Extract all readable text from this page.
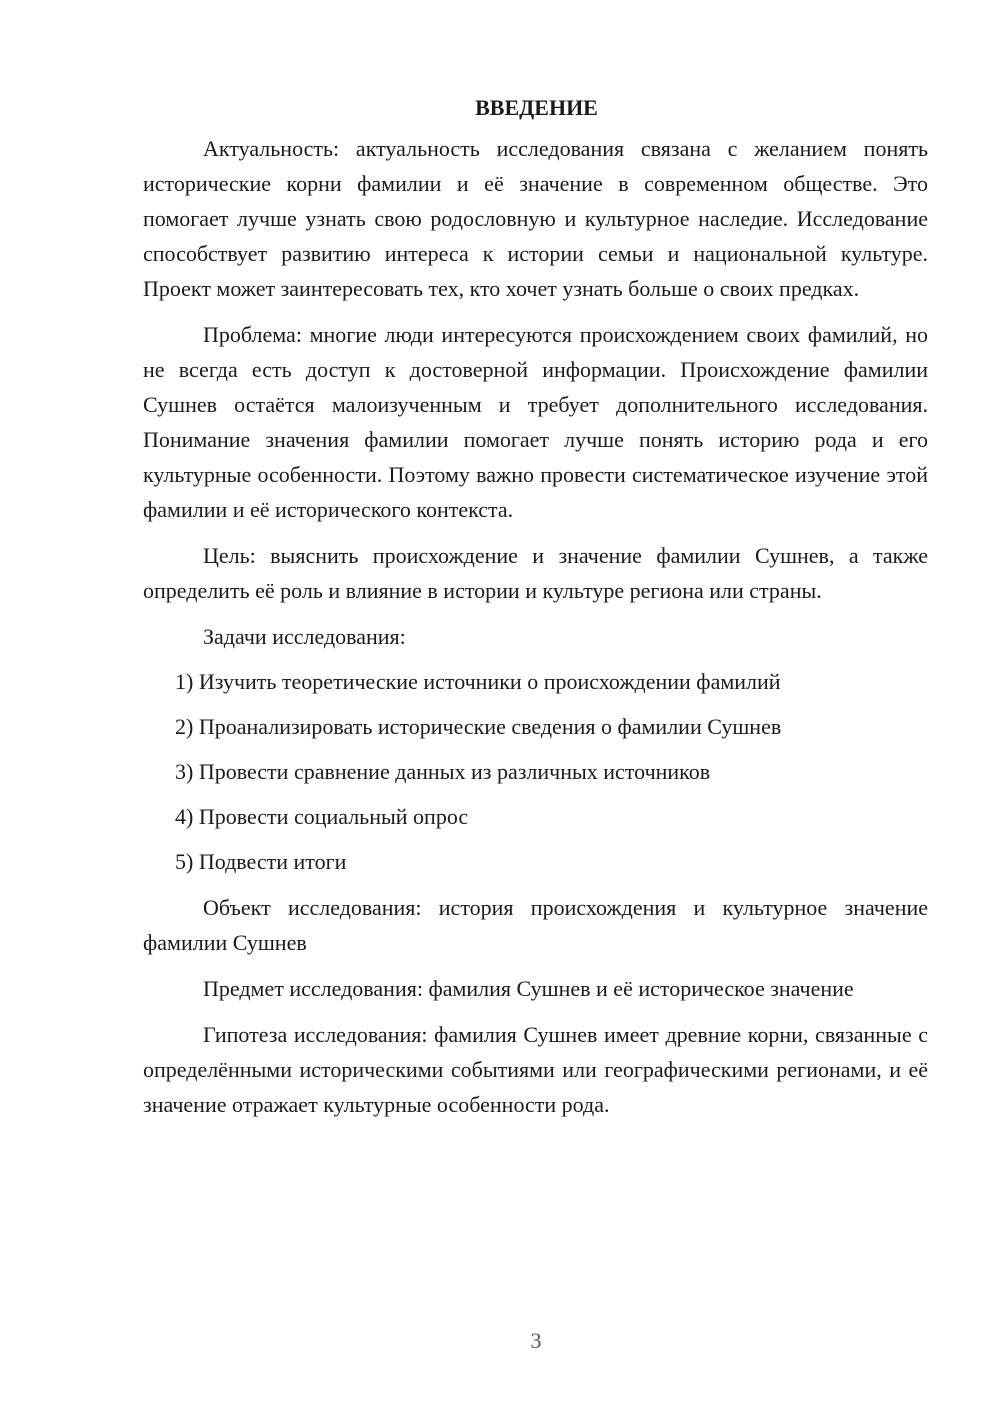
ВВЕДЕНИЕ

Актуальность: актуальность исследования связана с желанием понять исторические корни фамилии и её значение в современном обществе. Это помогает лучше узнать свою родословную и культурное наследие. Исследование способствует развитию интереса к истории семьи и национальной культуре. Проект может заинтересовать тех, кто хочет узнать больше о своих предках.

Проблема: многие люди интересуются происхождением своих фамилий, но не всегда есть доступ к достоверной информации. Происхождение фамилии Сушнев остаётся малоизученным и требует дополнительного исследования. Понимание значения фамилии помогает лучше понять историю рода и его культурные особенности. Поэтому важно провести систематическое изучение этой фамилии и её исторического контекста.

Цель: выяснить происхождение и значение фамилии Сушнев, а также определить её роль и влияние в истории и культуре региона или страны.

Задачи исследования:

1) Изучить теоретические источники о происхождении фамилий
2) Проанализировать исторические сведения о фамилии Сушнев
3) Провести сравнение данных из различных источников
4) Провести социальный опрос
5) Подвести итоги

Объект исследования: история происхождения и культурное значение фамилии Сушнев

Предмет исследования: фамилия Сушнев и её историческое значение

Гипотеза исследования: фамилия Сушнев имеет древние корни, связанные с определёнными историческими событиями или географическими регионами, и её значение отражает культурные особенности рода.

3
